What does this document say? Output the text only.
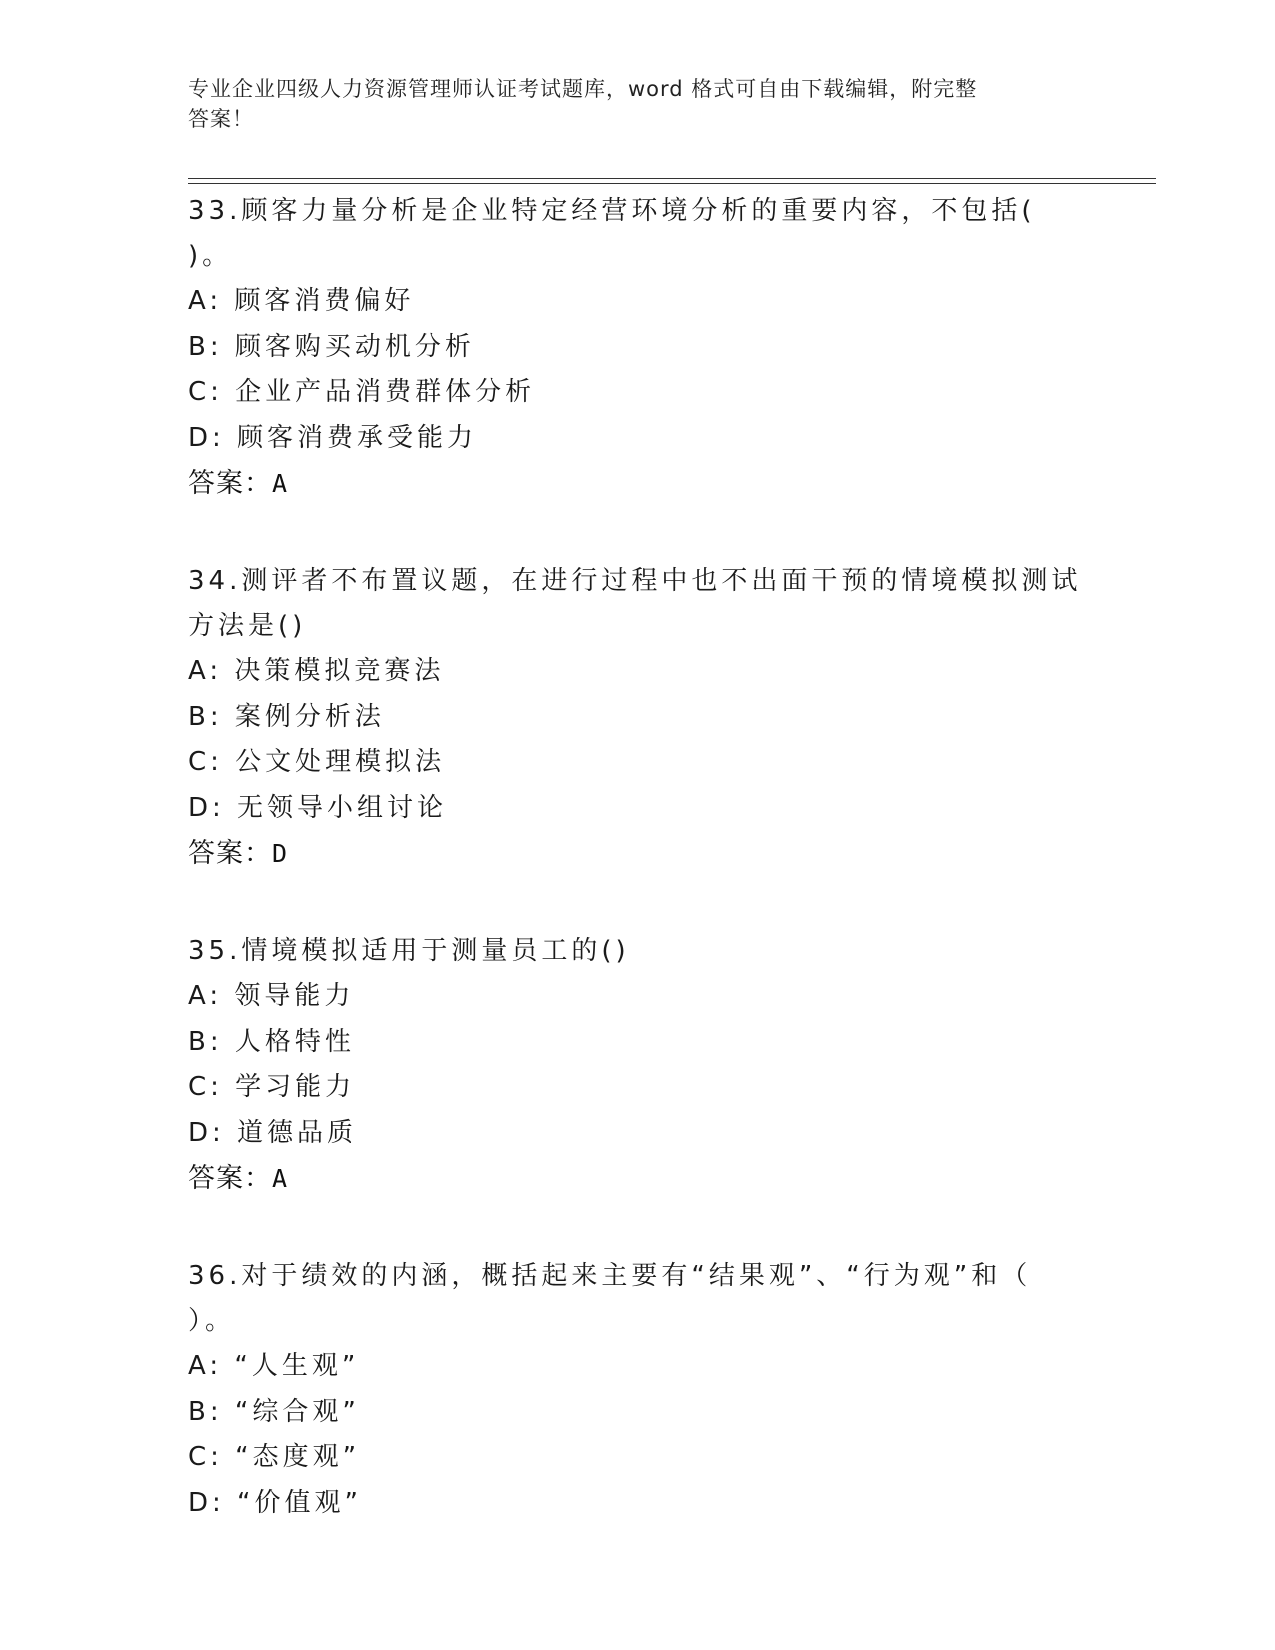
专业企业四级人力资源管理师认证考试题库，word 格式可自由下载编辑，附完整
答案！
33.顾客力量分析是企业特定经营环境分析的重要内容，不包括( )。
A: 顾客消费偏好
B: 顾客购买动机分析
C: 企业产品消费群体分析
D: 顾客消费承受能力
答案：A
34.测评者不布置议题，在进行过程中也不出面干预的情境模拟测试方法是()
A: 决策模拟竞赛法
B: 案例分析法
C: 公文处理模拟法
D: 无领导小组讨论
答案：D
35.情境模拟适用于测量员工的()
A: 领导能力
B: 人格特性
C: 学习能力
D: 道德品质
答案：A
36.对于绩效的内涵，概括起来主要有“结果观”、“行为观”和（ ）。
A: “人生观”
B: “综合观”
C: “态度观”
D: “价值观”
